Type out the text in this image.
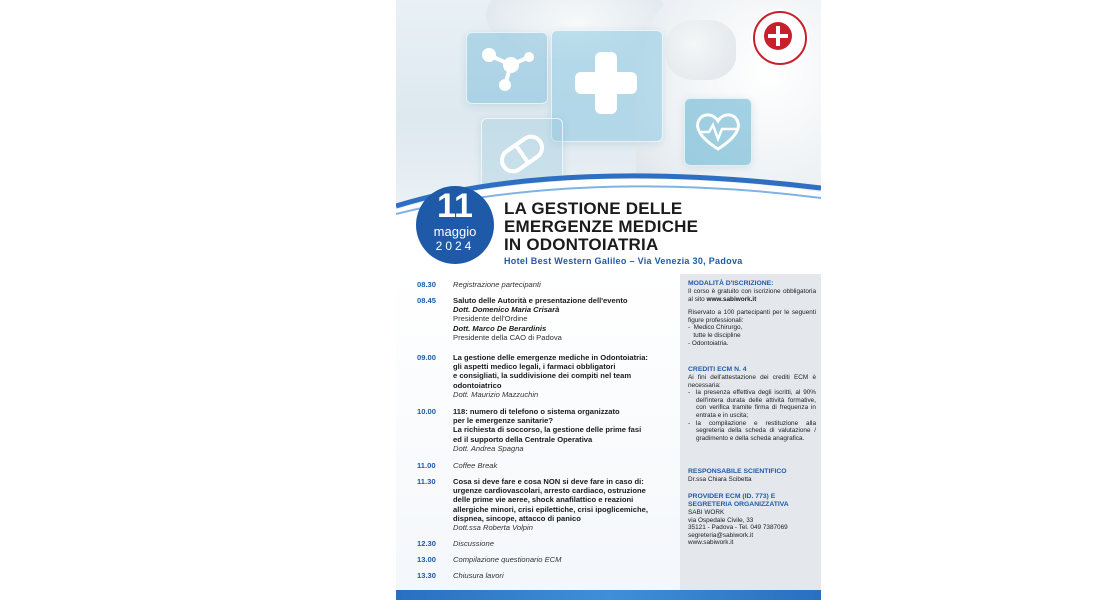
11
maggio
2024
LA GESTIONE DELLE
EMERGENZE MEDICHE
IN ODONTOIATRIA
Hotel Best Western Galileo – Via Venezia 30, Padova
08.30 Registrazione partecipanti
08.45 Saluto delle Autorità e presentazione dell'evento
Dott. Domenico Maria Crisarà
Presidente dell'Ordine
Dott. Marco De Berardinis
Presidente della CAO di Padova
09.00 La gestione delle emergenze mediche in Odontoiatria:
gli aspetti medico legali, i farmaci obbligatori
e consigliati, la suddivisione dei compiti nel team
odontoiatrico
Dott. Maurizio Mazzuchin
10.00 118: numero di telefono o sistema organizzato
per le emergenze sanitarie?
La richiesta di soccorso, la gestione delle prime fasi
ed il supporto della Centrale Operativa
Dott. Andrea Spagna
11.00 Coffee Break
11.30 Cosa si deve fare e cosa NON si deve fare in caso di:
urgenze cardiovascolari, arresto cardiaco, ostruzione
delle prime vie aeree, shock anafilattico e reazioni
allergiche minori, crisi epilettiche, crisi ipoglicemiche,
dispnea, sincope, attacco di panico
Dott.ssa Roberta Volpin
12.30 Discussione
13.00 Compilazione questionario ECM
13.30 Chiusura lavori
MODALITÀ D'ISCRIZIONE:
Il corso è gratuito con iscrizione obbligatoria al sito www.sabiwork.it
Riservato a 100 partecipanti per le seguenti figure professionali:
-  Medico Chirurgo,
tutte le discipline
- Odontoiatria.
CREDITI ECM N. 4
Ai fini dell'attestazione dei crediti ECM è necessaria:
- la presenza effettiva degli iscritti, al 90% dell'intera durata delle attività formative, con verifica tramite firma di frequenza in entrata e in uscita;
- la compilazione e restituzione alla segreteria della scheda di valutazione / gradimento e della scheda anagrafica.
RESPONSABILE SCIENTIFICO
Dr.ssa Chiara Scibetta
PROVIDER ECM (ID. 773) E
SEGRETERIA ORGANIZZATIVA
SABI WORK
via Ospedale Civile, 33
35121 - Padova - Tel. 049 7387069
segreteria@sabiwork.it
www.sabiwork.it
